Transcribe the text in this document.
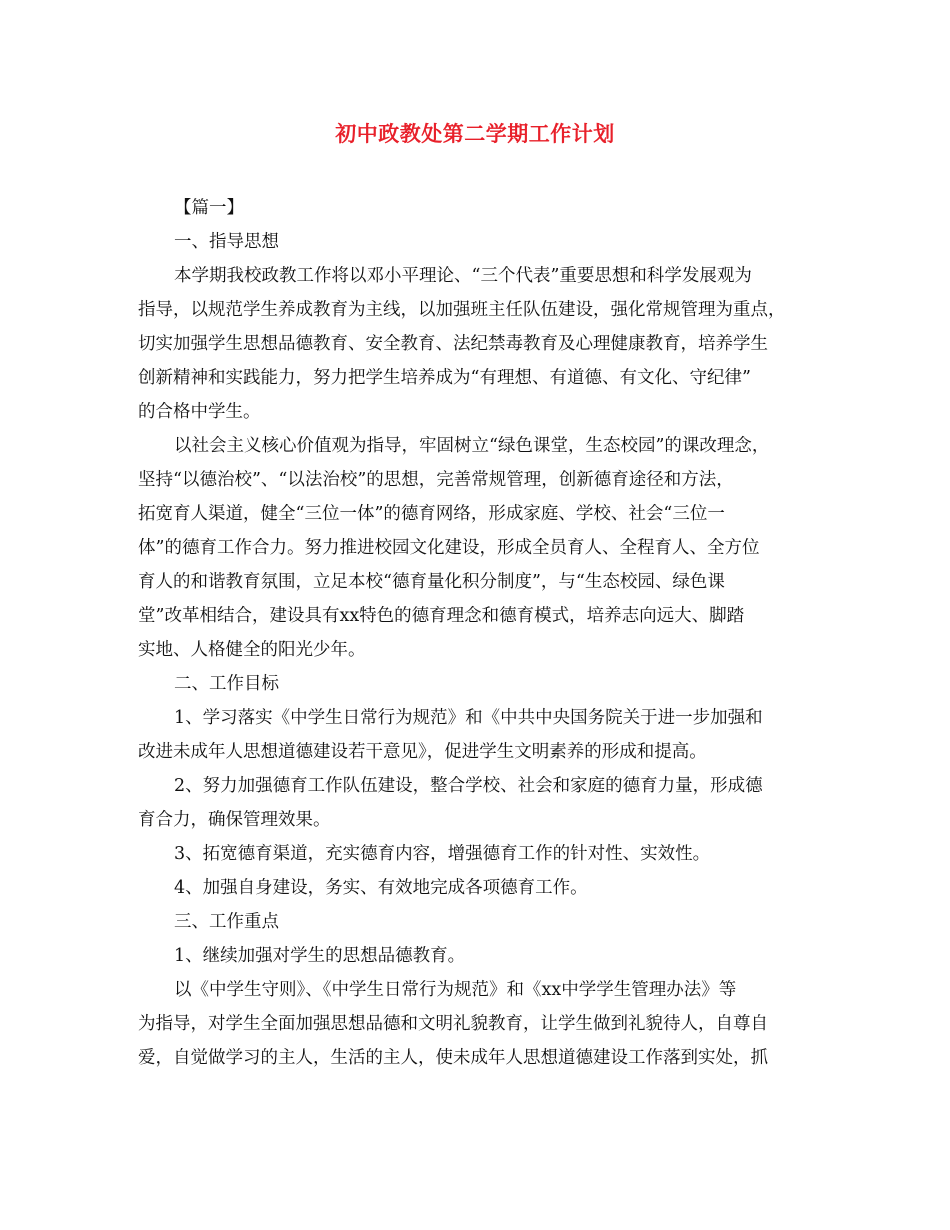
初中政教处第二学期工作计划
【篇一】
一、指导思想
本学期我校政教工作将以邓小平理论、“三个代表”重要思想和科学发展观为
指导，以规范学生养成教育为主线，以加强班主任队伍建设，强化常规管理为重点，
切实加强学生思想品德教育、安全教育、法纪禁毒教育及心理健康教育，培养学生
创新精神和实践能力，努力把学生培养成为“有理想、有道德、有文化、守纪律”
的合格中学生。
以社会主义核心价值观为指导，牢固树立“绿色课堂，生态校园”的课改理念，
坚持“以德治校”、“以法治校”的思想，完善常规管理，创新德育途径和方法，
拓宽育人渠道，健全“三位一体”的德育网络，形成家庭、学校、社会“三位一
体”的德育工作合力。努力推进校园文化建设，形成全员育人、全程育人、全方位
育人的和谐教育氛围，立足本校“德育量化积分制度”，与“生态校园、绿色课
堂”改革相结合，建设具有xx特色的德育理念和德育模式，培养志向远大、脚踏
实地、人格健全的阳光少年。
二、工作目标
1、学习落实《中学生日常行为规范》和《中共中央国务院关于进一步加强和
改进未成年人思想道德建设若干意见》，促进学生文明素养的形成和提高。
2、努力加强德育工作队伍建设，整合学校、社会和家庭的德育力量，形成德
育合力，确保管理效果。
3、拓宽德育渠道，充实德育内容，增强德育工作的针对性、实效性。
4、加强自身建设，务实、有效地完成各项德育工作。
三、工作重点
1、继续加强对学生的思想品德教育。
以《中学生守则》、《中学生日常行为规范》和《xx中学学生管理办法》等
为指导，对学生全面加强思想品德和文明礼貌教育，让学生做到礼貌待人，自尊自
爱，自觉做学习的主人，生活的主人，使未成年人思想道德建设工作落到实处，抓
